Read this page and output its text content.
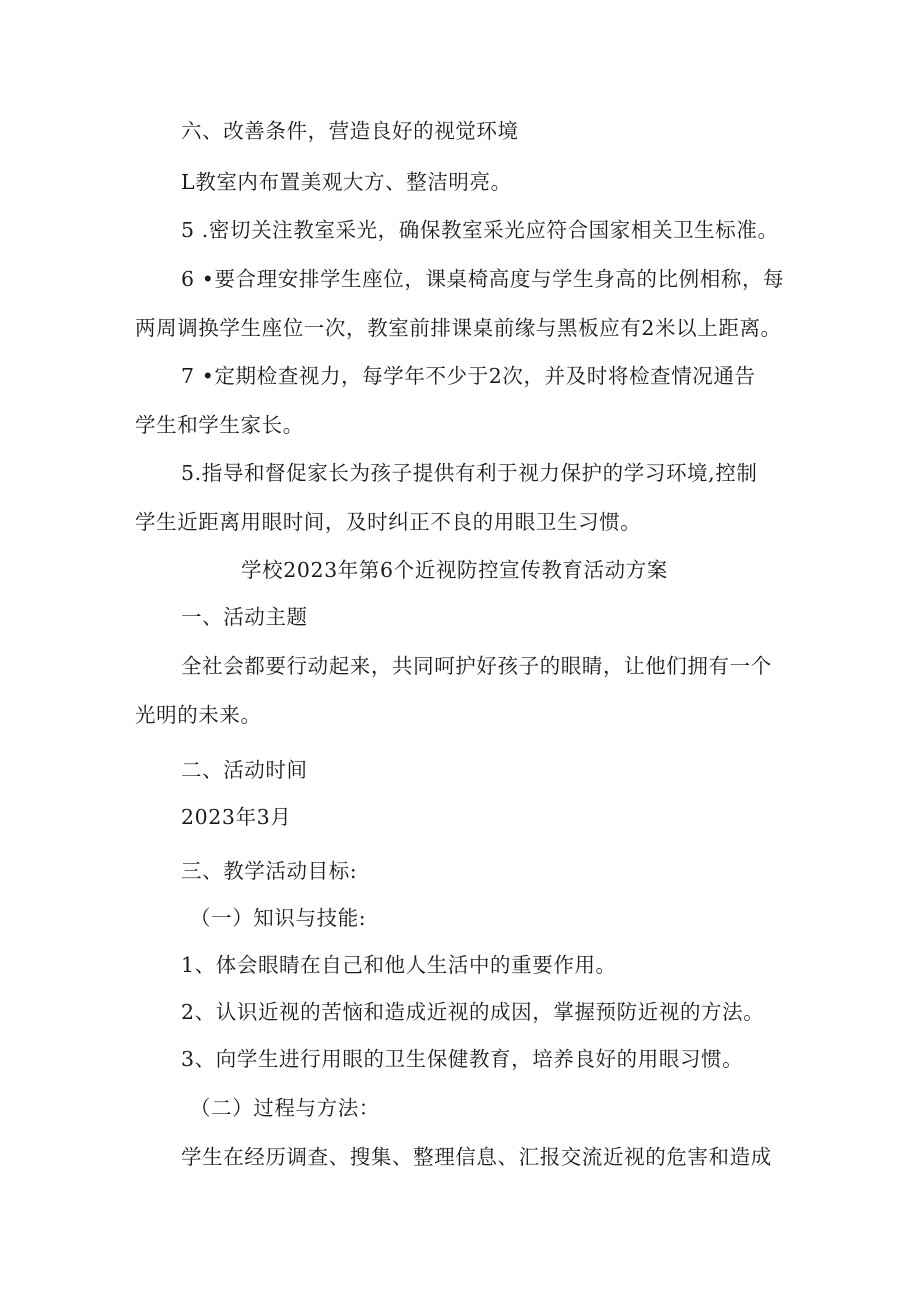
六、改善条件，营造良好的视觉环境
L教室内布置美观大方、整洁明亮。
5 .密切关注教室采光，确保教室采光应符合国家相关卫生标准。
6 •要合理安排学生座位，课桌椅高度与学生身高的比例相称，每
两周调换学生座位一次，教室前排课桌前缘与黑板应有2米以上距离。
7 •定期检查视力，每学年不少于2次，并及时将检查情况通告
学生和学生家长。
5.指导和督促家长为孩子提供有利于视力保护的学习环境,控制
学生近距离用眼时间，及时纠正不良的用眼卫生习惯。
学校2023年第6个近视防控宣传教育活动方案
一、活动主题
全社会都要行动起来，共同呵护好孩子的眼睛，让他们拥有一个
光明的未来。
二、活动时间
2023年3月
三、教学活动目标:
（一）知识与技能:
1、体会眼睛在自己和他人生活中的重要作用。
2、认识近视的苦恼和造成近视的成因，掌握预防近视的方法。
3、向学生进行用眼的卫生保健教育，培养良好的用眼习惯。
（二）过程与方法：
学生在经历调查、搜集、整理信息、汇报交流近视的危害和造成
